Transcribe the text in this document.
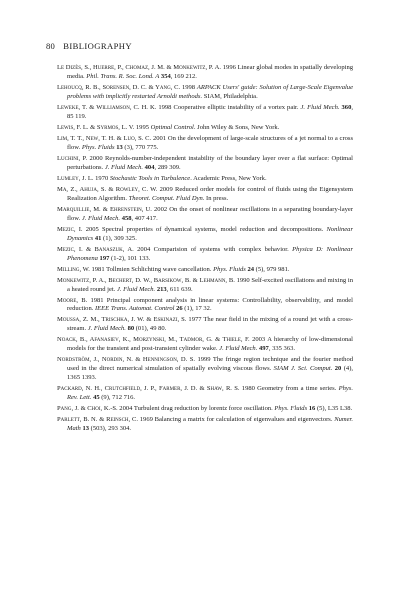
80 BIBLIOGRAPHY
Le Dizès, S., Huerre, P., Chomaz, J. M. & Monkewitz, P. A. 1996 Linear global modes in spatially developing media. Phil. Trans. R. Soc. Lond. A 354, 169 212.
Lehoucq, R. B., Sorensen, D. C. & Yang, C. 1998 ARPACK Users' guide: Solution of Large-Scale Eigenvalue problems with implicitly restarted Arnoldi methods. SIAM, Philadelphia.
Leweke, T. & Williamson, C. H. K. 1998 Cooperative elliptic instability of a vortex pair. J. Fluid Mech. 360, 85 119.
Lewis, F. L. & Syrmos, L. V. 1995 Optimal Control. John Wiley & Sons, New York.
Lim, T. T., New, T. H. & Luo, S. C. 2001 On the development of large-scale structures of a jet normal to a cross flow. Phys. Fluids 13 (3), 770 775.
Luchini, P. 2000 Reynolds-number-independent instability of the boundary layer over a flat surface: Optimal perturbations. J. Fluid Mech. 404, 289 309.
Lumley, J. L. 1970 Stochastic Tools in Turbulence. Academic Press, New York.
Ma, Z., Ahuja, S. & Rowley, C. W. 2009 Reduced order models for control of fluids using the Eigensystem Realization Algorithm. Theoret. Comput. Fluid Dyn. In press.
Marquillie, M. & Ehrenstein, U. 2002 On the onset of nonlinear oscillations in a separating boundary-layer flow. J. Fluid Mech. 458, 407 417.
Mezic, I. 2005 Spectral properties of dynamical systems, model reduction and decompositions. Nonlinear Dynamics 41 (1), 309 325.
Mezic, I. & Banaszuk, A. 2004 Comparision of systems with complex behavior. Physica D: Nonlinear Phenomena 197 (1-2), 101 133.
Milling, W. 1981 Tollmien Schlichting wave cancellation. Phys. Fluids 24 (5), 979 981.
Monkewitz, P. A., Bechert, D. W., Barsikow, B. & Lehmann, B. 1990 Self-excited oscillations and mixing in a heated round jet. J. Fluid Mech. 213, 611 639.
Moore, B. 1981 Principal component analysis in linear systems: Controllability, observability, and model reduction. IEEE Trans. Automat. Control 26 (1), 17 32.
Moussa, Z. M., Trischka, J. W. & Eskinazi, S. 1977 The near field in the mixing of a round jet with a cross-stream. J. Fluid Mech. 80 (01), 49 80.
Noack, B., Afanasiev, K., Morzynski, M., Tadmor, G. & Thiele, F. 2003 A hierarchy of low-dimensional models for the transient and post-transient cylinder wake. J. Fluid Mech. 497, 335 363.
Nordström, J., Nordin, N. & Henningson, D. S. 1999 The fringe region technique and the fourier method used in the direct numerical simulation of spatially evolving viscous flows. SIAM J. Sci. Comput. 20 (4), 1365 1393.
Packard, N. H., Crutchfield, J. P., Farmer, J. D. & Shaw, R. S. 1980 Geometry from a time series. Phys. Rev. Lett. 45 (9), 712 716.
Pang, J. & Choi, K.-S. 2004 Turbulent drag reduction by lorentz force oscillation. Phys. Fluids 16 (5), L35 L38.
Parlett, B. N. & Reinsch, C. 1969 Balancing a matrix for calculation of eigenvalues and eigenvectors. Numer. Math 13 (503), 293 304.
